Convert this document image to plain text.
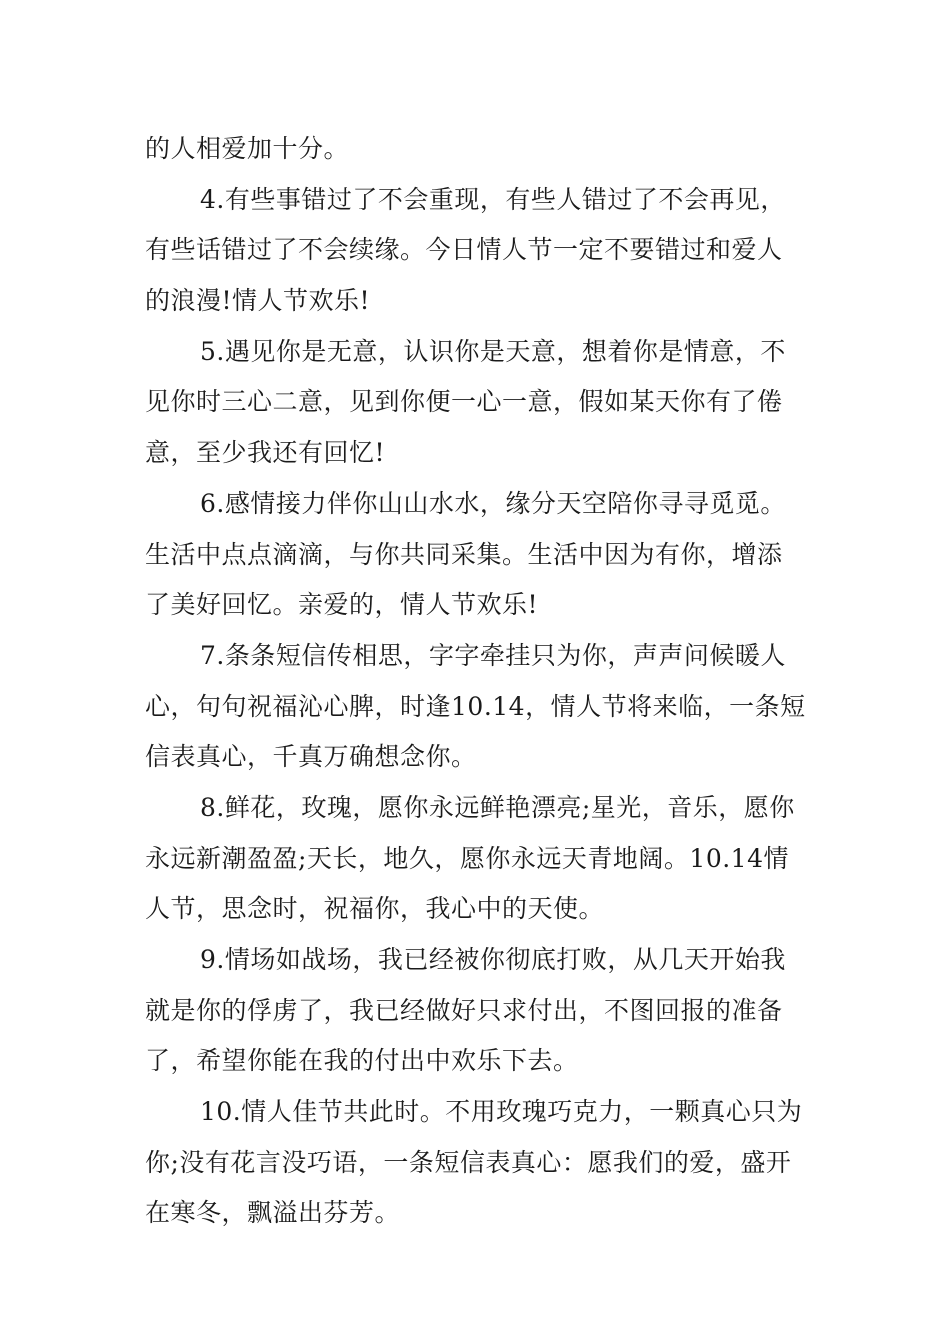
的人相爱加十分。
4.有些事错过了不会重现，有些人错过了不会再见，
有些话错过了不会续缘。今日情人节一定不要错过和爱人
的浪漫!情人节欢乐!
5.遇见你是无意，认识你是天意，想着你是情意，不
见你时三心二意，见到你便一心一意，假如某天你有了倦
意，至少我还有回忆!
6.感情接力伴你山山水水，缘分天空陪你寻寻觅觅。
生活中点点滴滴，与你共同采集。生活中因为有你，增添
了美好回忆。亲爱的，情人节欢乐!
7.条条短信传相思，字字牵挂只为你，声声问候暖人
心，句句祝福沁心脾，时逢10.14，情人节将来临，一条短
信表真心，千真万确想念你。
8.鲜花，玫瑰，愿你永远鲜艳漂亮;星光，音乐，愿你
永远新潮盈盈;天长，地久，愿你永远天青地阔。10.14情
人节，思念时，祝福你，我心中的天使。
9.情场如战场，我已经被你彻底打败，从几天开始我
就是你的俘虏了，我已经做好只求付出，不图回报的准备
了，希望你能在我的付出中欢乐下去。
10.情人佳节共此时。不用玫瑰巧克力，一颗真心只为
你;没有花言没巧语，一条短信表真心：愿我们的爱，盛开
在寒冬，飘溢出芬芳。
